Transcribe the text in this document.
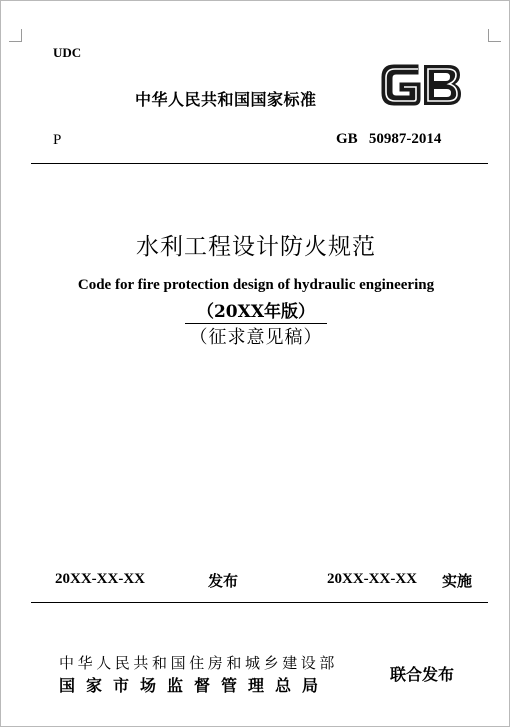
UDC
中华人民共和国国家标准
P	GB   50987-2014
水利工程设计防火规范
Code for fire protection design of hydraulic engineering
（20XX年版）
（征求意见稿）
20XX-XX-XX	发布	20XX-XX-XX 实施
中华人民共和国住房和城乡建设部
国家市场监督管理总局
联合发布
